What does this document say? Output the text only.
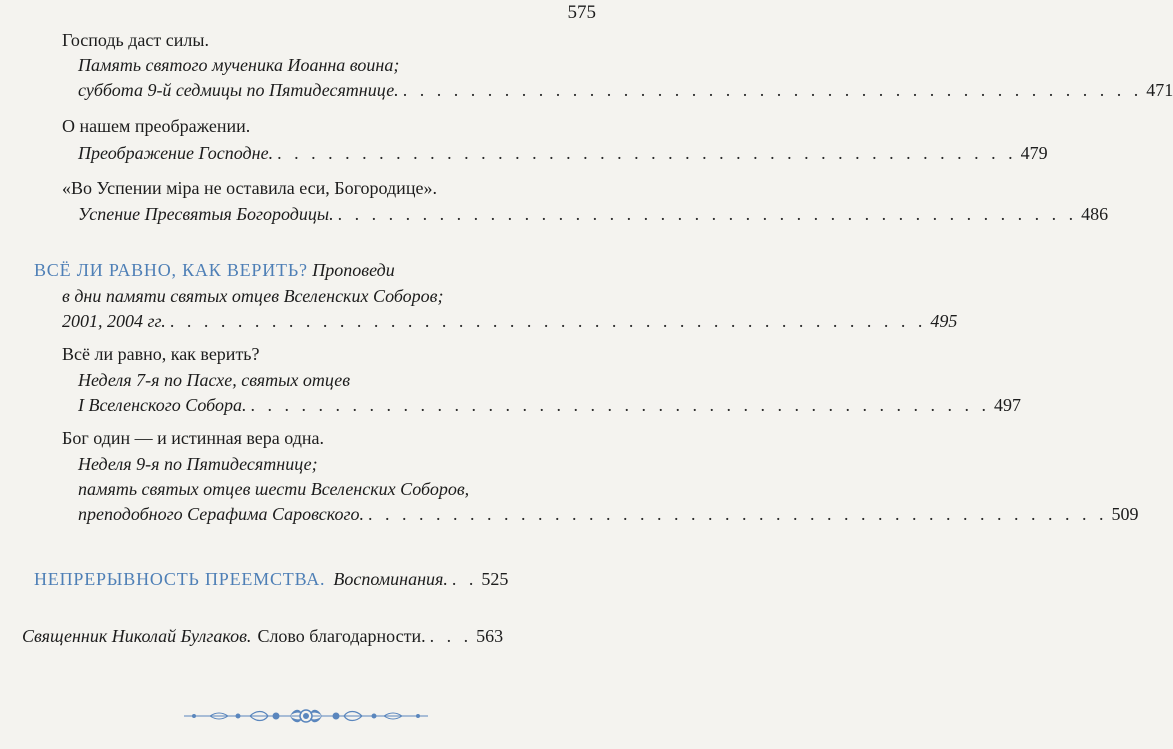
575
Господь даст силы.
Память святого мученика Иоанна воина;
суббота 9-й седмицы по Пятидесятнице. . . . . . . . . . . . . . . . . . . . . . . . . . . . . . . . . . . . . . . . . . . . . 471
О нашем преображении.
Преображение Господне. . . . . . . . . . . . . . . . . . . . . . . . . . . . . . . . . . . . . . . . . . . . . 479
«Во Успении міра не оставила еси, Богородице».
Успение Пресвятыя Богородицы. . . . . . . . . . . . . . . . . . . . . . . . . . . . . . . . . . . . . . . . . . . . . 486
ВСЁ ЛИ РАВНО, КАК ВЕРИТЬ? Проповеди
в дни памяти святых отцев Вселенских Соборов;
2001, 2004 гг. . . . . . . . . . . . . . . . . . . . . . . . . . . . . . . . . . . . . . . . . . . . . . 495
Всё ли равно, как верить?
Неделя 7-я по Пасхе, святых отцев
I Вселенского Собора. . . . . . . . . . . . . . . . . . . . . . . . . . . . . . . . . . . . . . . . . . . . . 497
Бог один — и истинная вера одна.
Неделя 9-я по Пятидесятнице;
память святых отцев шести Вселенских Соборов,
преподобного Серафима Саровского. . . . . . . . . . . . . . . . . . . . . . . . . . . . . . . . . . . . . . . . . . . . . 509
НЕПРЕРЫВНОСТЬ ПРЕЕМСТВА. Воспоминания. . . 525
Священник Николай Булгаков. Слово благодарности. . . . 563
